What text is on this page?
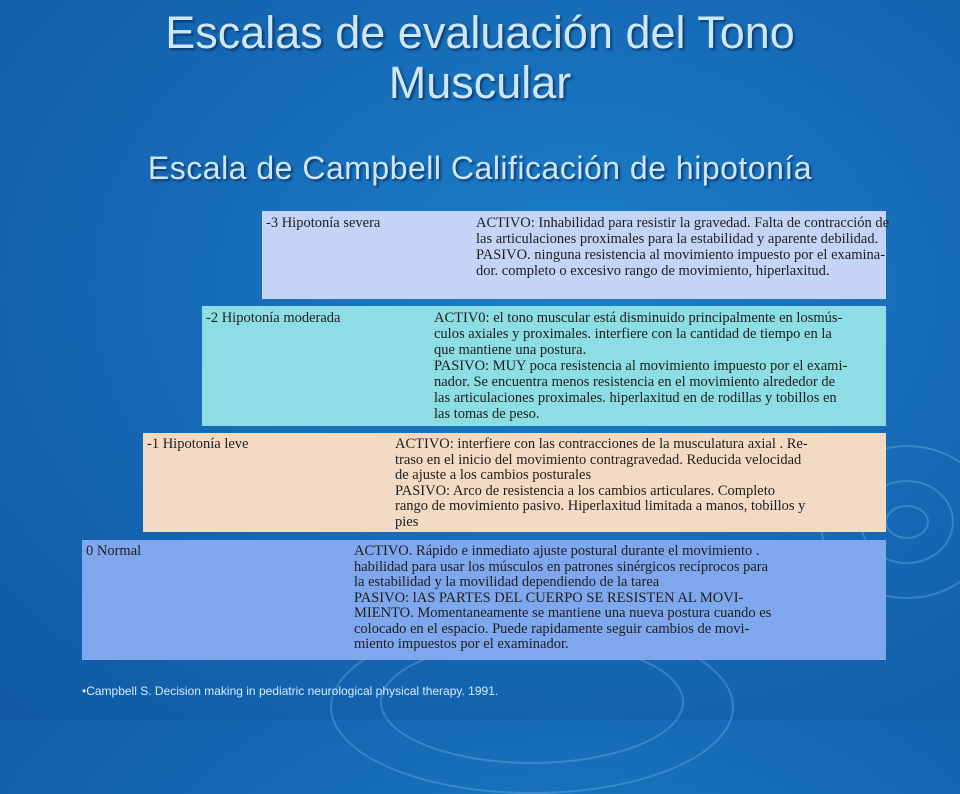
Escalas de evaluación del Tono
Muscular
Escala de Campbell Calificación de hipotonía
-3 Hipotonía severa	ACTIVO: Inhabilidad para resistir la gravedad. Falta de contracción de
las articulaciones proximales para la estabilidad y aparente debilidad.
PASIVO. ninguna resistencia al movimiento impuesto por el examina-
dor. completo o excesivo rango de movimiento, hiperlaxitud.
-2 Hipotonía moderada	ACTIV0: el tono muscular está disminuido principalmente en losmús-
culos axiales y proximales. interfiere con la cantidad de tiempo en la
que mantiene una postura.
PASIVO: MUY poca resistencia al movimiento impuesto por el exami-
nador. Se encuentra menos resistencia en el movimiento alrededor de
las articulaciones proximales. hiperlaxitud en de rodillas y tobillos en
las tomas de peso.
-1 Hipotonía leve	ACTIVO: interfiere con las contracciones de la musculatura axial . Re-
traso en el inicio del movimiento contragravedad. Reducida velocidad
de ajuste a los cambios posturales
PASIVO: Arco de resistencia a los cambios articulares. Completo
rango de movimiento pasivo. Hiperlaxitud limitada a manos, tobillos y
pies
0 Normal	ACTIVO. Rápido e inmediato ajuste postural durante el movimiento .
habilidad para usar los músculos en patrones sinérgicos recíprocos para
la estabilidad y la movilidad dependiendo de la tarea
PASIVO: lAS PARTES DEL CUERPO SE RESISTEN AL MOVI-
MIENTO. Momentaneamente se mantiene una nueva postura cuando es
colocado en el espacio. Puede rapidamente seguir cambios de movi-
miento impuestos por el examinador.
•Campbell S. Decision making in pediatric neurological physical therapy. 1991.
